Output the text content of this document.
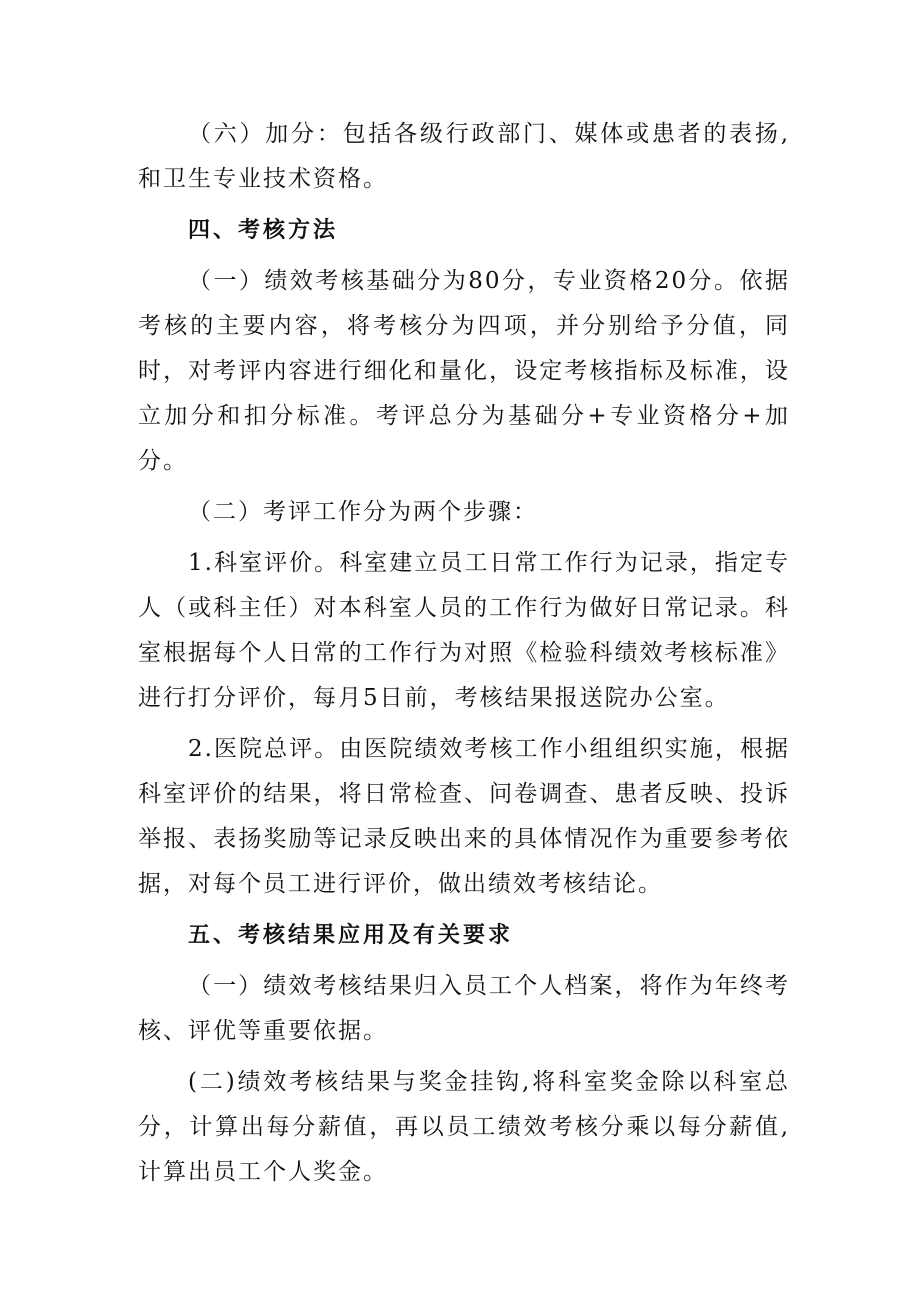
（六）加分：包括各级行政部门、媒体或患者的表扬,和卫生专业技术资格。

四、考核方法

（一）绩效考核基础分为80分，专业资格20分。依据考核的主要内容，将考核分为四项，并分别给予分值，同时，对考评内容进行细化和量化，设定考核指标及标准，设立加分和扣分标准。考评总分为基础分+专业资格分+加分。

（二）考评工作分为两个步骤：

1.科室评价。科室建立员工日常工作行为记录，指定专人（或科主任）对本科室人员的工作行为做好日常记录。科室根据每个人日常的工作行为对照《检验科绩效考核标准》进行打分评价，每月5日前，考核结果报送院办公室。

2.医院总评。由医院绩效考核工作小组组织实施，根据科室评价的结果，将日常检查、问卷调查、患者反映、投诉举报、表扬奖励等记录反映出来的具体情况作为重要参考依据，对每个员工进行评价，做出绩效考核结论。

五、考核结果应用及有关要求

（一）绩效考核结果归入员工个人档案，将作为年终考核、评优等重要依据。

(二)绩效考核结果与奖金挂钩,将科室奖金除以科室总分，计算出每分薪值，再以员工绩效考核分乘以每分薪值,计算出员工个人奖金。
